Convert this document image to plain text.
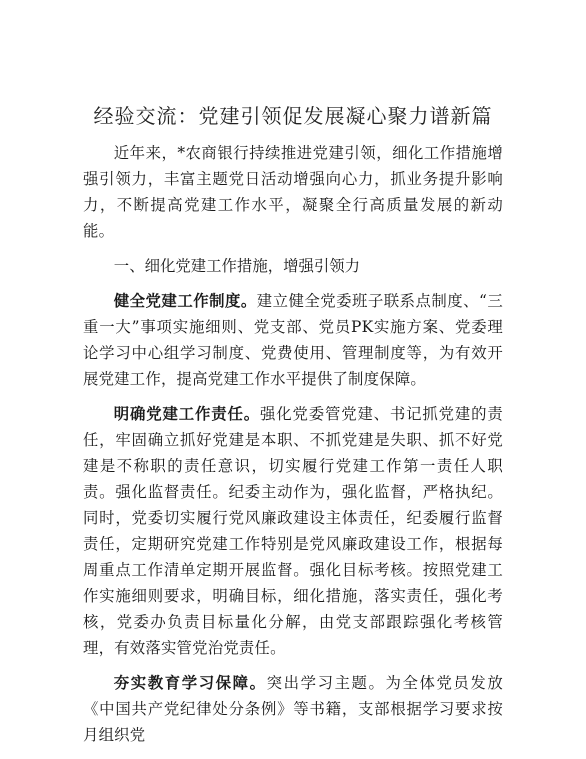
经验交流：党建引领促发展凝心聚力谱新篇

近年来，*农商银行持续推进党建引领，细化工作措施增强引领力，丰富主题党日活动增强向心力，抓业务提升影响力，不断提高党建工作水平，凝聚全行高质量发展的新动能。

一、细化党建工作措施，增强引领力

健全党建工作制度。建立健全党委班子联系点制度、“三重一大”事项实施细则、党支部、党员PK实施方案、党委理论学习中心组学习制度、党费使用、管理制度等，为有效开展党建工作，提高党建工作水平提供了制度保障。

明确党建工作责任。强化党委管党建、书记抓党建的责任，牢固确立抓好党建是本职、不抓党建是失职、抓不好党建是不称职的责任意识，切实履行党建工作第一责任人职责。强化监督责任。纪委主动作为，强化监督，严格执纪。同时，党委切实履行党风廉政建设主体责任，纪委履行监督责任，定期研究党建工作特别是党风廉政建设工作，根据每周重点工作清单定期开展监督。强化目标考核。按照党建工作实施细则要求，明确目标，细化措施，落实责任，强化考核，党委办负责目标量化分解，由党支部跟踪强化考核管理，有效落实管党治党责任。

夯实教育学习保障。突出学习主题。为全体党员发放《中国共产党纪律处分条例》等书籍，支部根据学习要求按月组织党
